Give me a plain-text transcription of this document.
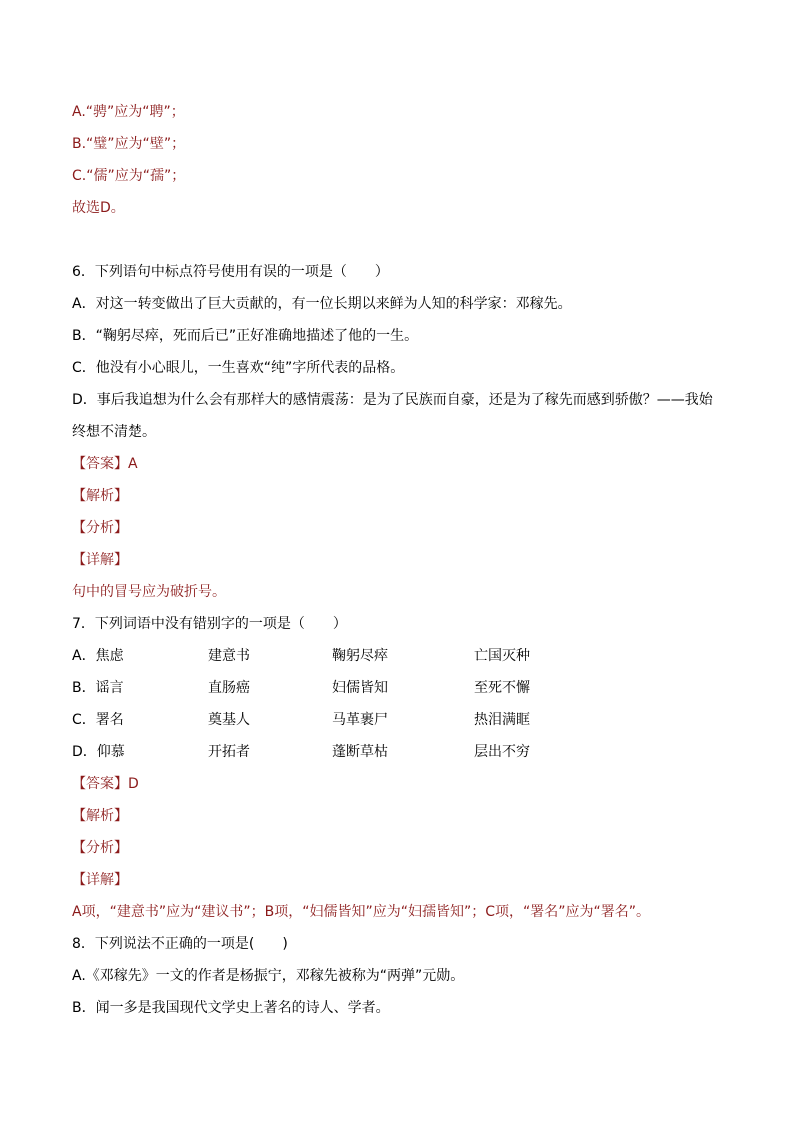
A.“骋”应为“聘”；
B.“璧”应为“壁”；
C.“儒”应为“孺”；
故选D。
6．下列语句中标点符号使用有误的一项是（　　）
A．对这一转变做出了巨大贡献的，有一位长期以来鲜为人知的科学家：邓稼先。
B．“鞠躬尽瘁，死而后已”正好准确地描述了他的一生。
C．他没有小心眼儿，一生喜欢“纯”字所代表的品格。
D．事后我追想为什么会有那样大的感情震荡：是为了民族而自豪，还是为了稼先而感到骄傲？——我始
终想不清楚。
【答案】A
【解析】
【分析】
【详解】
句中的冒号应为破折号。
7．下列词语中没有错别字的一项是（　　）
A．焦虑	建意书	鞠躬尽瘁	亡国灭种
B．谣言	直肠癌	妇儒皆知	至死不懈
C．署名	奠基人	马革裹尸	热泪满眶
D．仰慕	开拓者	蓬断草枯	层出不穷
【答案】D
【解析】
【分析】
【详解】
A项，“建意书”应为“建议书”；B项，“妇儒皆知”应为“妇孺皆知”；C项，“署名”应为“署名”。
8．下列说法不正确的一项是(　　)
A.《邓稼先》一文的作者是杨振宁，邓稼先被称为“两弹”元勋。
B．闻一多是我国现代文学史上著名的诗人、学者。
